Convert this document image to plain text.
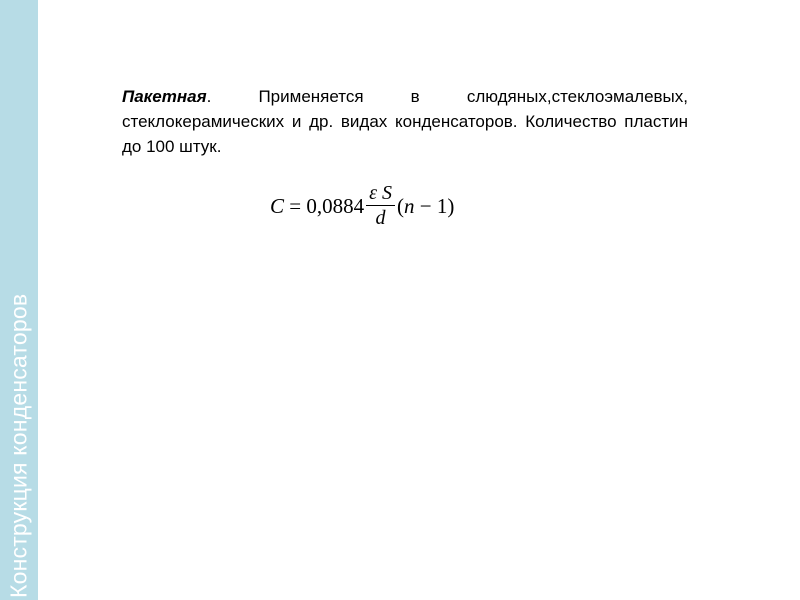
Конструкция конденсаторов
Пакетная. Применяется в слюдяных,стеклоэмалевых, стеклокерамических и др. видах конденсаторов. Количество пластин до 100 штук.
$C = 0,0884 \frac{\text{ε S}}{d}$ ( n − 1)
